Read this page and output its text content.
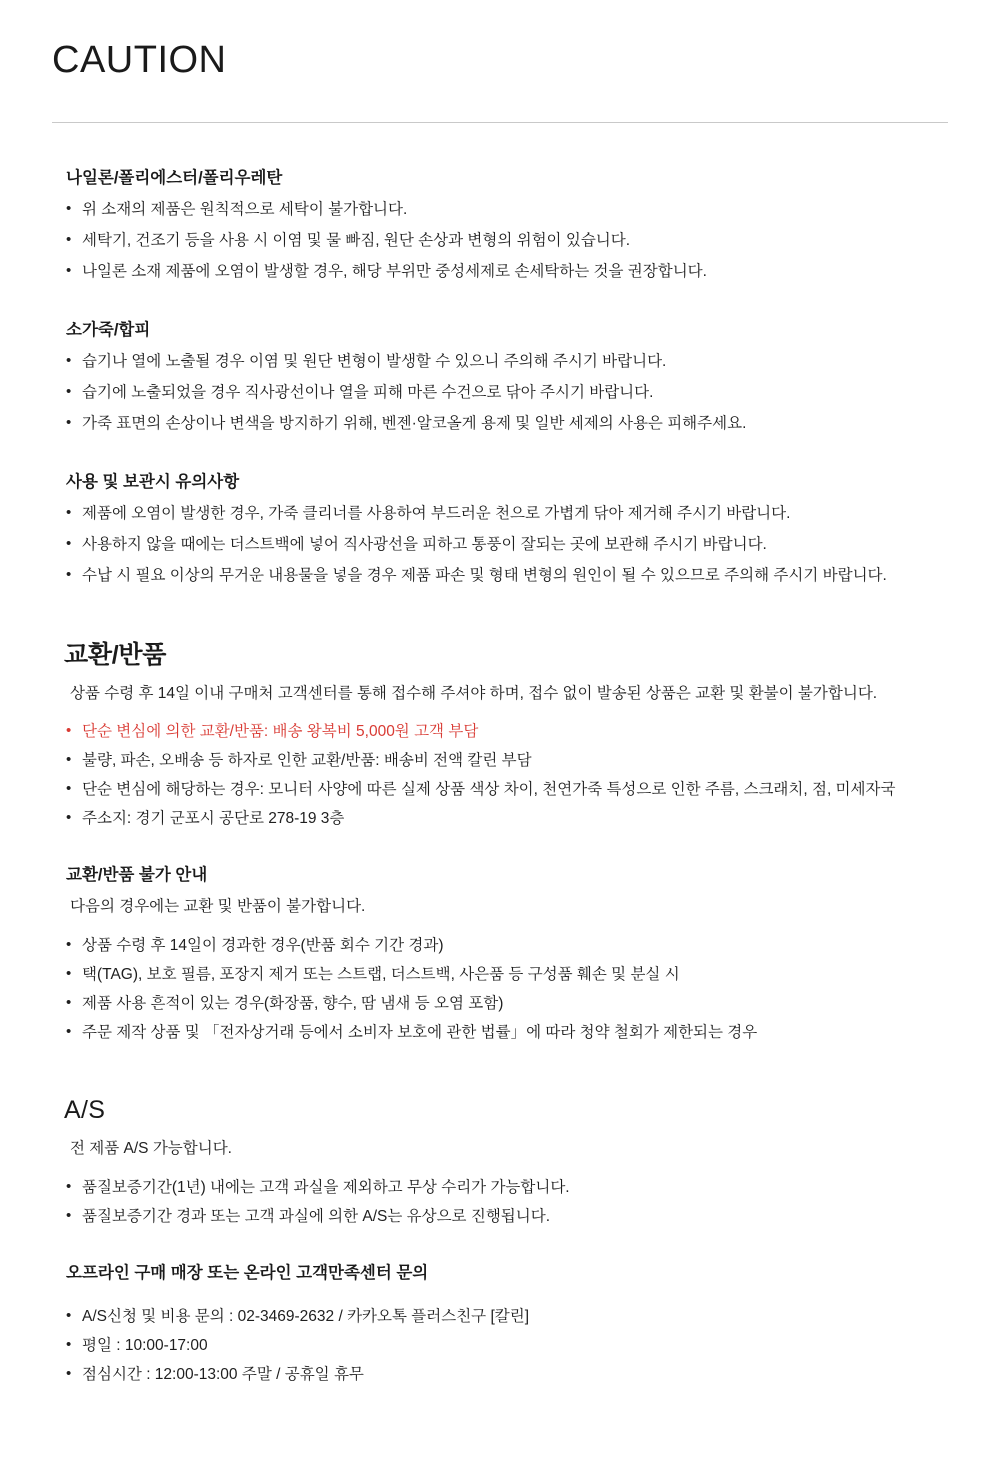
CAUTION
나일론/폴리에스터/폴리우레탄
• 위 소재의 제품은 원칙적으로 세탁이 불가합니다.
• 세탁기, 건조기 등을 사용 시 이염 및 물 빠짐, 원단 손상과 변형의 위험이 있습니다.
• 나일론 소재 제품에 오염이 발생할 경우, 해당 부위만 중성세제로 손세탁하는 것을 권장합니다.
소가죽/합피
• 습기나 열에 노출될 경우 이염 및 원단 변형이 발생할 수 있으니 주의해 주시기 바랍니다.
• 습기에 노출되었을 경우 직사광선이나 열을 피해 마른 수건으로 닦아 주시기 바랍니다.
• 가죽 표면의 손상이나 변색을 방지하기 위해, 벤젠·알코올게 용제 및 일반 세제의 사용은 피해주세요.
사용 및 보관시 유의사항
• 제품에 오염이 발생한 경우, 가죽 클리너를 사용하여 부드러운 천으로 가볍게 닦아 제거해 주시기 바랍니다.
• 사용하지 않을 때에는 더스트백에 넣어 직사광선을 피하고 통풍이 잘되는 곳에 보관해 주시기 바랍니다.
• 수납 시 필요 이상의 무거운 내용물을 넣을 경우 제품 파손 및 형태 변형의 원인이 될 수 있으므로 주의해 주시기 바랍니다.
교환/반품

상품 수령 후 14일 이내 구매처 고객센터를 통해 접수해 주셔야 하며, 접수 없이 발송된 상품은 교환 및 환불이 불가합니다.

• 단순 변심에 의한 교환/반품: 배송 왕복비 5,000원 고객 부담
• 불량, 파손, 오배송 등 하자로 인한 교환/반품: 배송비 전액 칼린 부담
• 단순 변심에 해당하는 경우: 모니터 사양에 따른 실제 상품 색상 차이, 천연가죽 특성으로 인한 주름, 스크래치, 점, 미세자국
• 주소지: 경기 군포시 공단로 278-19 3층
교환/반품 불가 안내

다음의 경우에는 교환 및 반품이 불가합니다.

• 상품 수령 후 14일이 경과한 경우(반품 회수 기간 경과)
• 택(TAG), 보호 필름, 포장지 제거 또는 스트랩, 더스트백, 사은품 등 구성품 훼손 및 분실 시
• 제품 사용 흔적이 있는 경우(화장품, 향수, 땀 냄새 등 오염 포함)
• 주문 제작 상품 및 「전자상거래 등에서 소비자 보호에 관한 법률」에 따라 청약 철회가 제한되는 경우
A/S

전 제품 A/S 가능합니다.

• 품질보증기간(1년) 내에는 고객 과실을 제외하고 무상 수리가 가능합니다.
• 품질보증기간 경과 또는 고객 과실에 의한 A/S는 유상으로 진행됩니다.
오프라인 구매 매장 또는 온라인 고객만족센터 문의
• A/S신청 및 비용 문의 : 02-3469-2632 / 카카오톡 플러스친구 [칼린]
• 평일 : 10:00-17:00
• 점심시간 : 12:00-13:00 주말 / 공휴일 휴무
